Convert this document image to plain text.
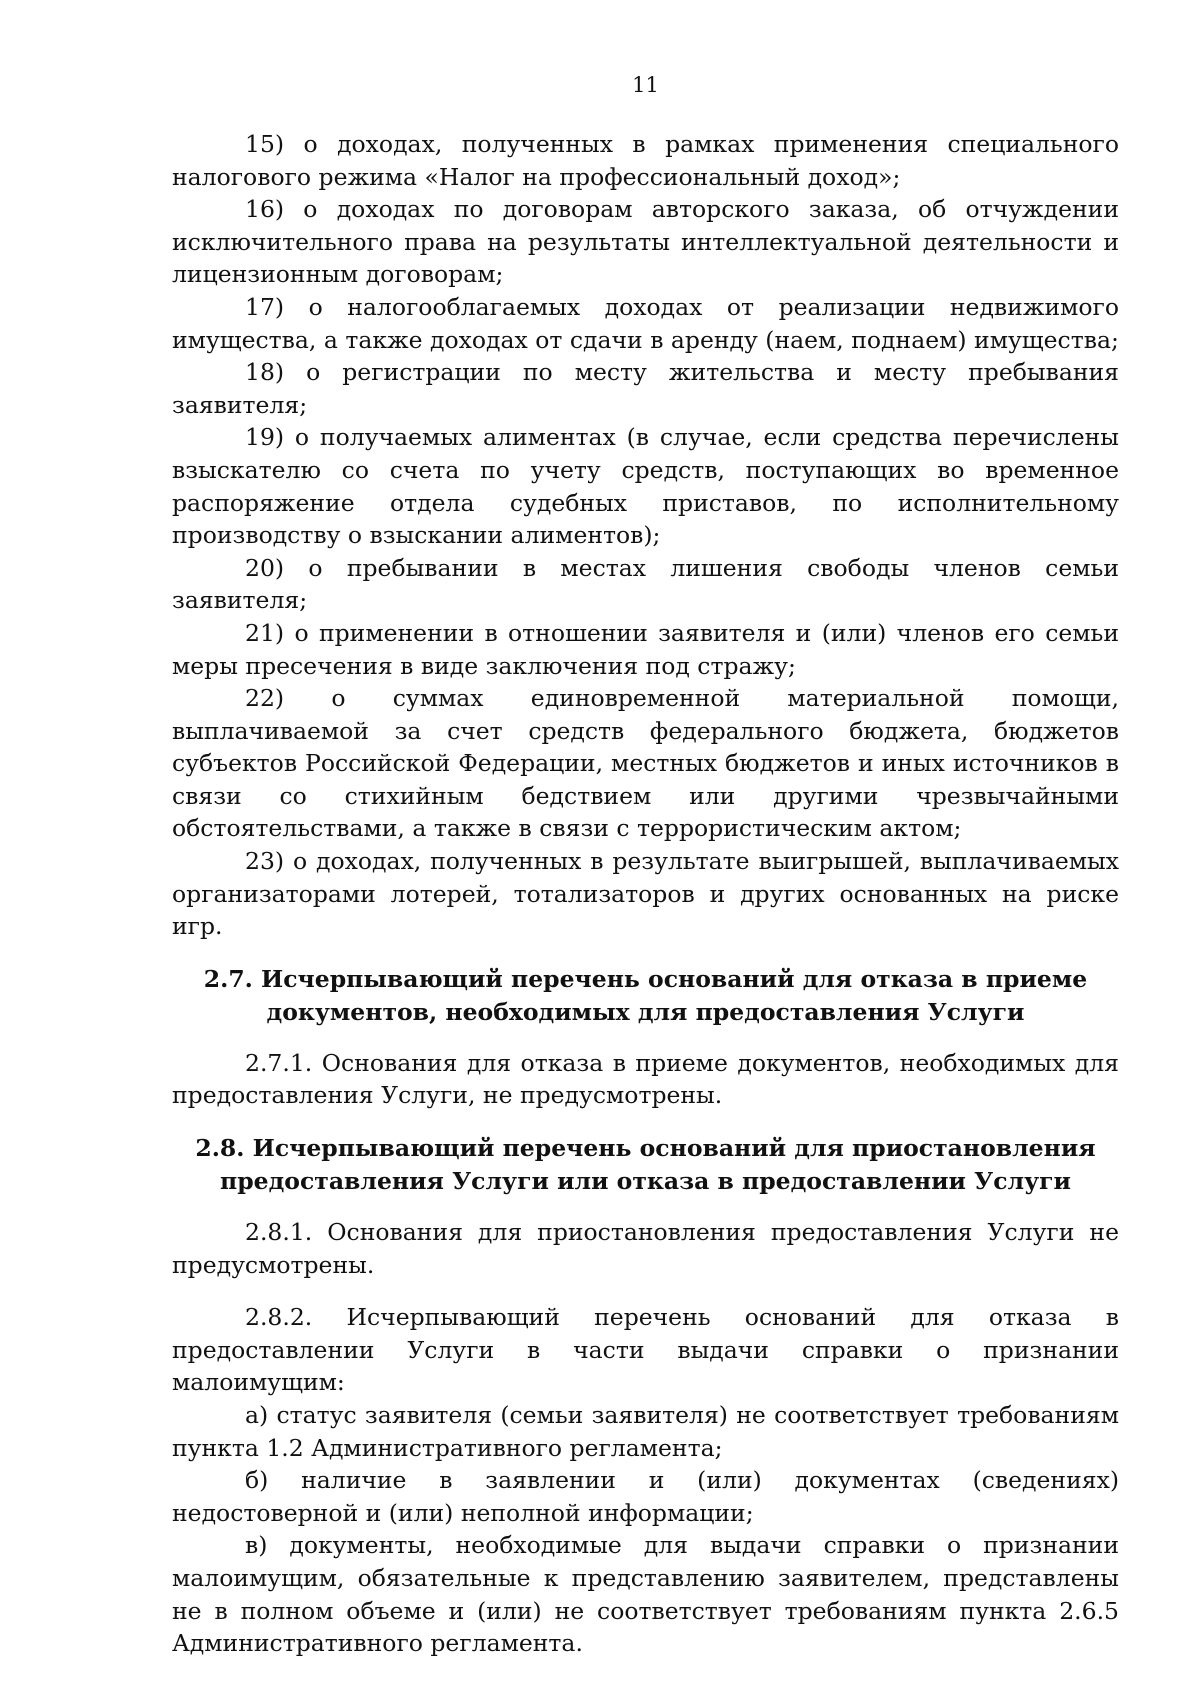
11

15) о доходах, полученных в рамках применения специального налогового режима «Налог на профессиональный доход»;

16) о доходах по договорам авторского заказа, об отчуждении исключительного права на результаты интеллектуальной деятельности и лицензионным договорам;

17) о налогооблагаемых доходах от реализации недвижимого имущества, а также доходах от сдачи в аренду (наем, поднаем) имущества;

18) о регистрации по месту жительства и месту пребывания заявителя;

19) о получаемых алиментах (в случае, если средства перечислены взыскателю со счета по учету средств, поступающих во временное распоряжение отдела судебных приставов, по исполнительному производству о взыскании алиментов);

20) о пребывании в местах лишения свободы членов семьи заявителя;

21) о применении в отношении заявителя и (или) членов его семьи меры пресечения в виде заключения под стражу;

22) о суммах единовременной материальной помощи, выплачиваемой за счет средств федерального бюджета, бюджетов субъектов Российской Федерации, местных бюджетов и иных источников в связи со стихийным бедствием или другими чрезвычайными обстоятельствами, а также в связи с террористическим актом;

23) о доходах, полученных в результате выигрышей, выплачиваемых организаторами лотерей, тотализаторов и других основанных на риске игр.

2.7. Исчерпывающий перечень оснований для отказа в приеме документов, необходимых для предоставления Услуги

2.7.1. Основания для отказа в приеме документов, необходимых для предоставления Услуги, не предусмотрены.

2.8. Исчерпывающий перечень оснований для приостановления предоставления Услуги или отказа в предоставлении Услуги

2.8.1. Основания для приостановления предоставления Услуги не предусмотрены.

2.8.2. Исчерпывающий перечень оснований для отказа в предоставлении Услуги в части выдачи справки о признании малоимущим:

а) статус заявителя (семьи заявителя) не соответствует требованиям пункта 1.2 Административного регламента;

б) наличие в заявлении и (или) документах (сведениях) недостоверной и (или) неполной информации;

в) документы, необходимые для выдачи справки о признании малоимущим, обязательные к представлению заявителем, представлены не в полном объеме и (или) не соответствует требованиям пункта 2.6.5 Административного регламента.
